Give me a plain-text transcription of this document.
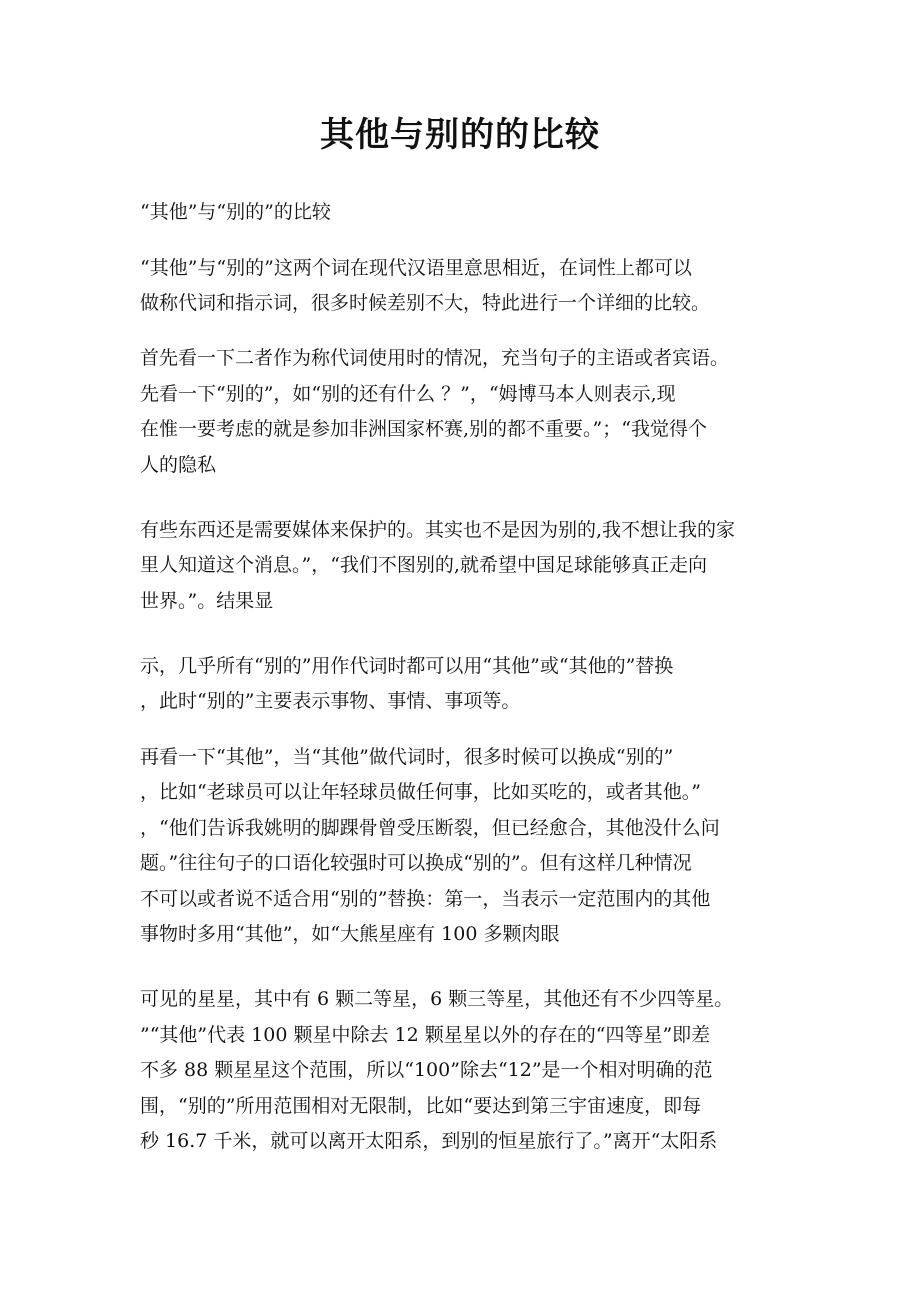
其他与别的的比较
“其他”与“别的”的比较
“其他”与“别的”这两个词在现代汉语里意思相近，在词性上都可以
做称代词和指示词，很多时候差别不大，特此进行一个详细的比较。
首先看一下二者作为称代词使用时的情况，充当句子的主语或者宾语。
先看一下“别的”，如“别的还有什么 ？”，“姆博马本人则表示,现
在惟一要考虑的就是参加非洲国家杯赛,别的都不重要。”；“我觉得个
人的隐私
有些东西还是需要媒体来保护的。其实也不是因为别的,我不想让我的家
里人知道这个消息。”，“我们不图别的,就希望中国足球能够真正走向
世界。”。结果显
示，几乎所有“别的”用作代词时都可以用“其他”或“其他的”替换
，此时“别的”主要表示事物、事情、事项等。
再看一下“其他”，当“其他”做代词时，很多时候可以换成“别的”
，比如“老球员可以让年轻球员做任何事，比如买吃的，或者其他。”
，“他们告诉我姚明的脚踝骨曾受压断裂，但已经愈合，其他没什么问
题。”往往句子的口语化较强时可以换成“别的”。但有这样几种情况
不可以或者说不适合用“别的”替换：第一，当表示一定范围内的其他
事物时多用“其他”，如“大熊星座有 100 多颗肉眼
可见的星星，其中有 6 颗二等星，6 颗三等星，其他还有不少四等星。
”“其他”代表 100 颗星中除去 12 颗星星以外的存在的“四等星”即差
不多 88 颗星星这个范围，所以“100”除去“12”是一个相对明确的范
围，“别的”所用范围相对无限制，比如“要达到第三宇宙速度，即每
秒 16.7 千米，就可以离开太阳系，到别的恒星旅行了。”离开“太阳系
